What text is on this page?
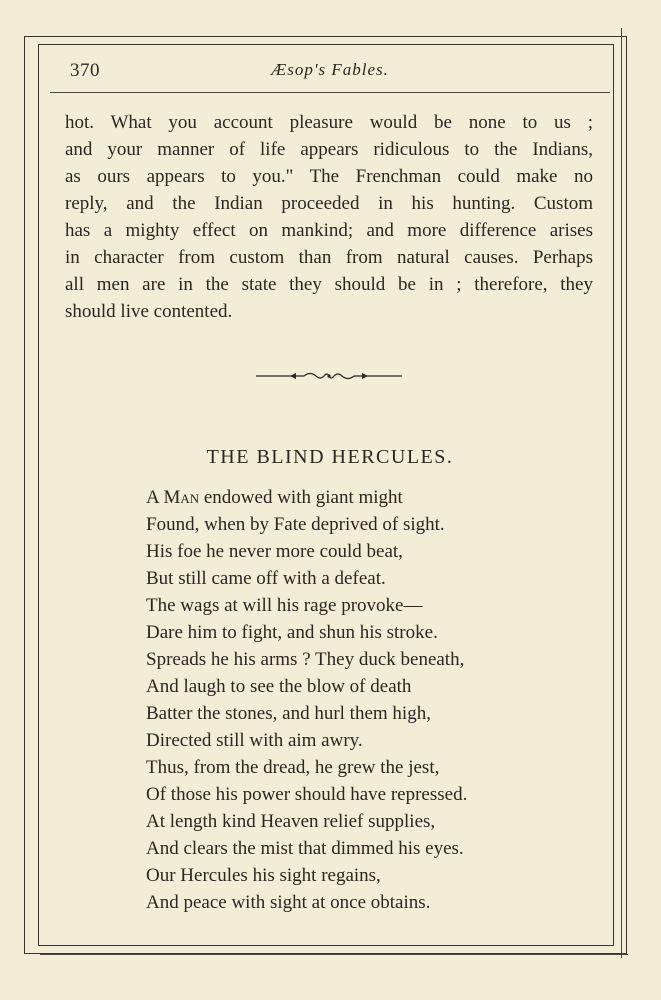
370	Æsop's Fables.
hot. What you account pleasure would be none to us ;
and your manner of life appears ridiculous to the Indians,
as ours appears to you." The Frenchman could make no
reply, and the Indian proceeded in his hunting. Custom
has a mighty effect on mankind; and more difference arises
in character from custom than from natural causes. Perhaps
all men are in the state they should be in ; therefore, they
should live contented.
THE BLIND HERCULES.
A Man endowed with giant might
Found, when by Fate deprived of sight.
His foe he never more could beat,
But still came off with a defeat.
The wags at will his rage provoke—
Dare him to fight, and shun his stroke.
Spreads he his arms ? They duck beneath,
And laugh to see the blow of death
Batter the stones, and hurl them high,
Directed still with aim awry.
Thus, from the dread, he grew the jest,
Of those his power should have repressed.
At length kind Heaven relief supplies,
And clears the mist that dimmed his eyes.
Our Hercules his sight regains,
And peace with sight at once obtains.
